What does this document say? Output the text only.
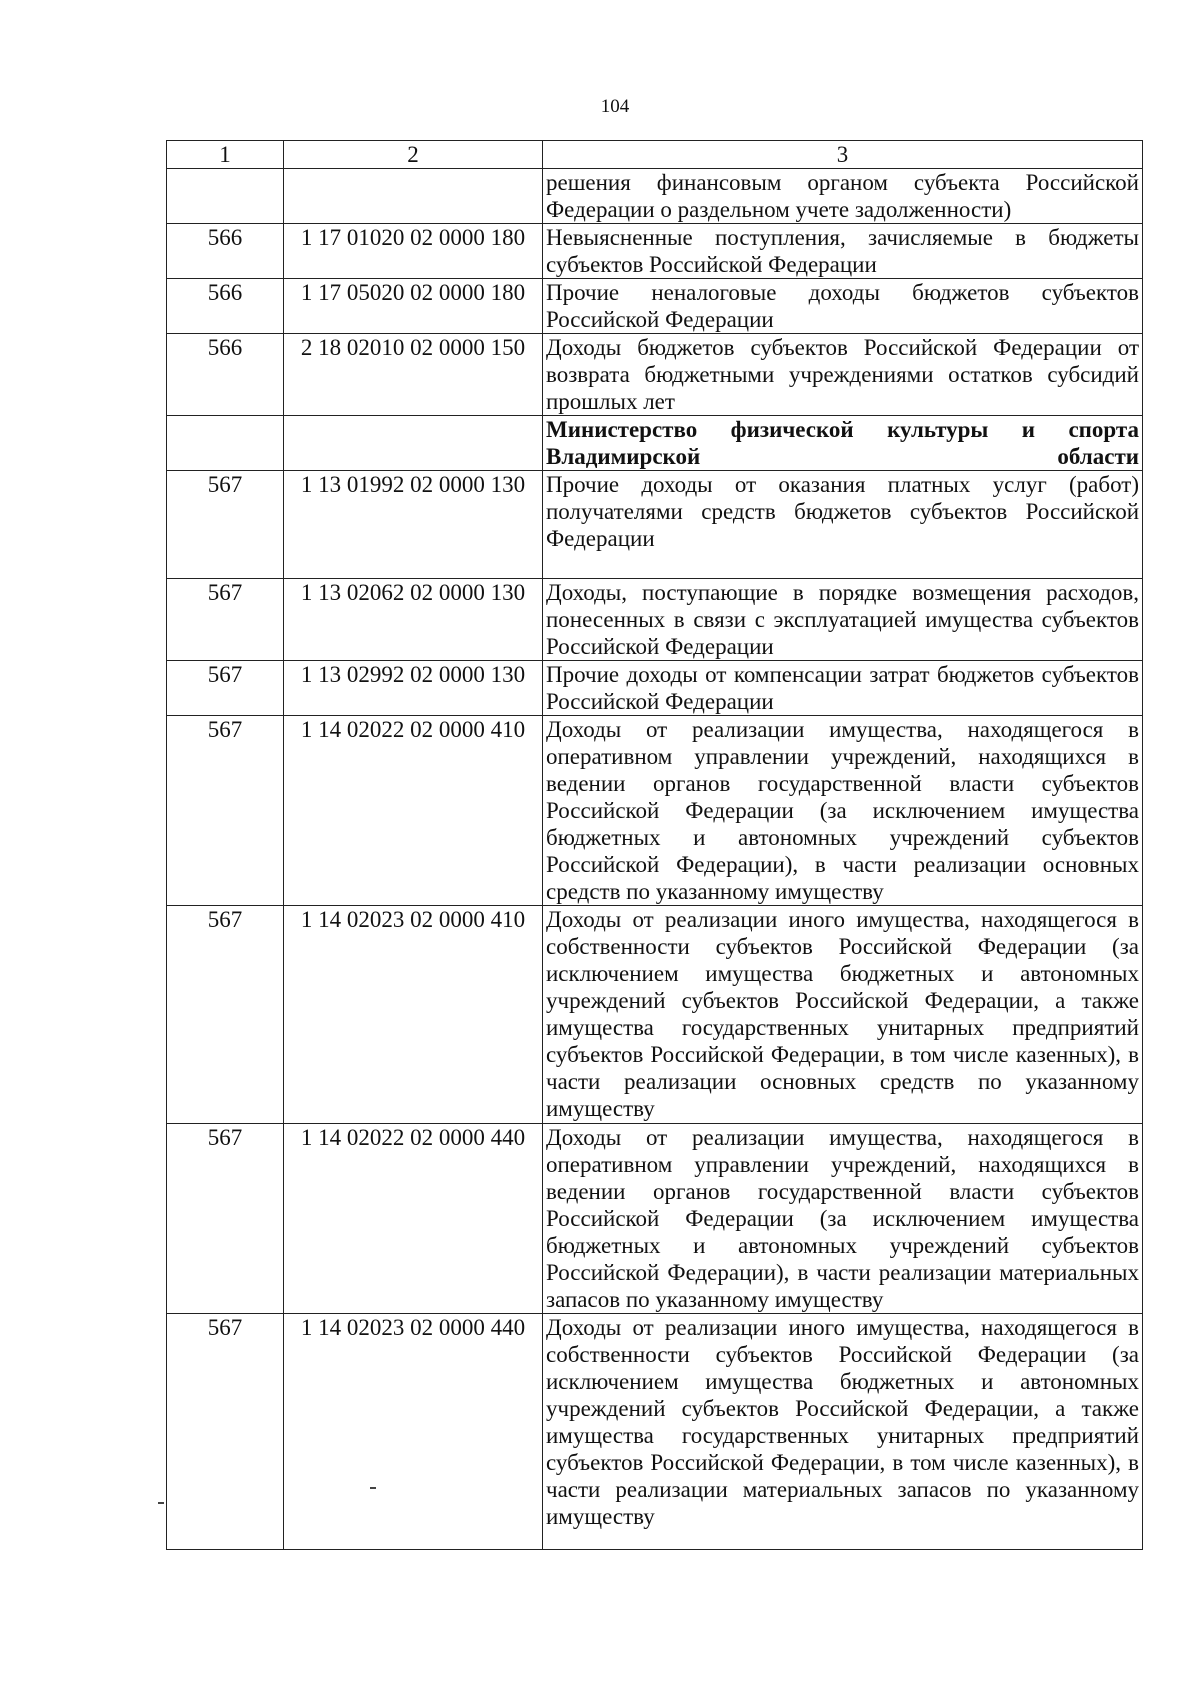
104
1	2	3
		решения финансовым органом субъекта Российской Федерации о раздельном учете задолженности)
566	1 17 01020 02 0000 180	Невыясненные поступления, зачисляемые в бюджеты субъектов Российской Федерации
566	1 17 05020 02 0000 180	Прочие неналоговые доходы бюджетов субъектов Российской Федерации
566	2 18 02010 02 0000 150	Доходы бюджетов субъектов Российской Федерации от возврата бюджетными учреждениями остатков субсидий прошлых лет
		Министерство физической культуры и спорта Владимирской области
567	1 13 01992 02 0000 130	Прочие доходы от оказания платных услуг (работ) получателями средств бюджетов субъектов Российской Федерации
567	1 13 02062 02 0000 130	Доходы, поступающие в порядке возмещения расходов, понесенных в связи с эксплуатацией имущества субъектов Российской Федерации
567	1 13 02992 02 0000 130	Прочие доходы от компенсации затрат бюджетов субъектов Российской Федерации
567	1 14 02022 02 0000 410	Доходы от реализации имущества, находящегося в оперативном управлении учреждений, находящихся в ведении органов государственной власти субъектов Российской Федерации (за исключением имущества бюджетных и автономных учреждений субъектов Российской Федерации), в части реализации основных средств по указанному имуществу
567	1 14 02023 02 0000 410	Доходы от реализации иного имущества, находящегося в собственности субъектов Российской Федерации (за исключением имущества бюджетных и автономных учреждений субъектов Российской Федерации, а также имущества государственных унитарных предприятий субъектов Российской Федерации, в том числе казенных), в части реализации основных средств по указанному имуществу
567	1 14 02022 02 0000 440	Доходы от реализации имущества, находящегося в оперативном управлении учреждений, находящихся в ведении органов государственной власти субъектов Российской Федерации (за исключением имущества бюджетных и автономных учреждений субъектов Российской Федерации), в части реализации материальных запасов по указанному имуществу
567	1 14 02023 02 0000 440	Доходы от реализации иного имущества, находящегося в собственности субъектов Российской Федерации (за исключением имущества бюджетных и автономных учреждений субъектов Российской Федерации, а также имущества государственных унитарных предприятий субъектов Российской Федерации, в том числе казенных), в части реализации материальных запасов по указанному имуществу
